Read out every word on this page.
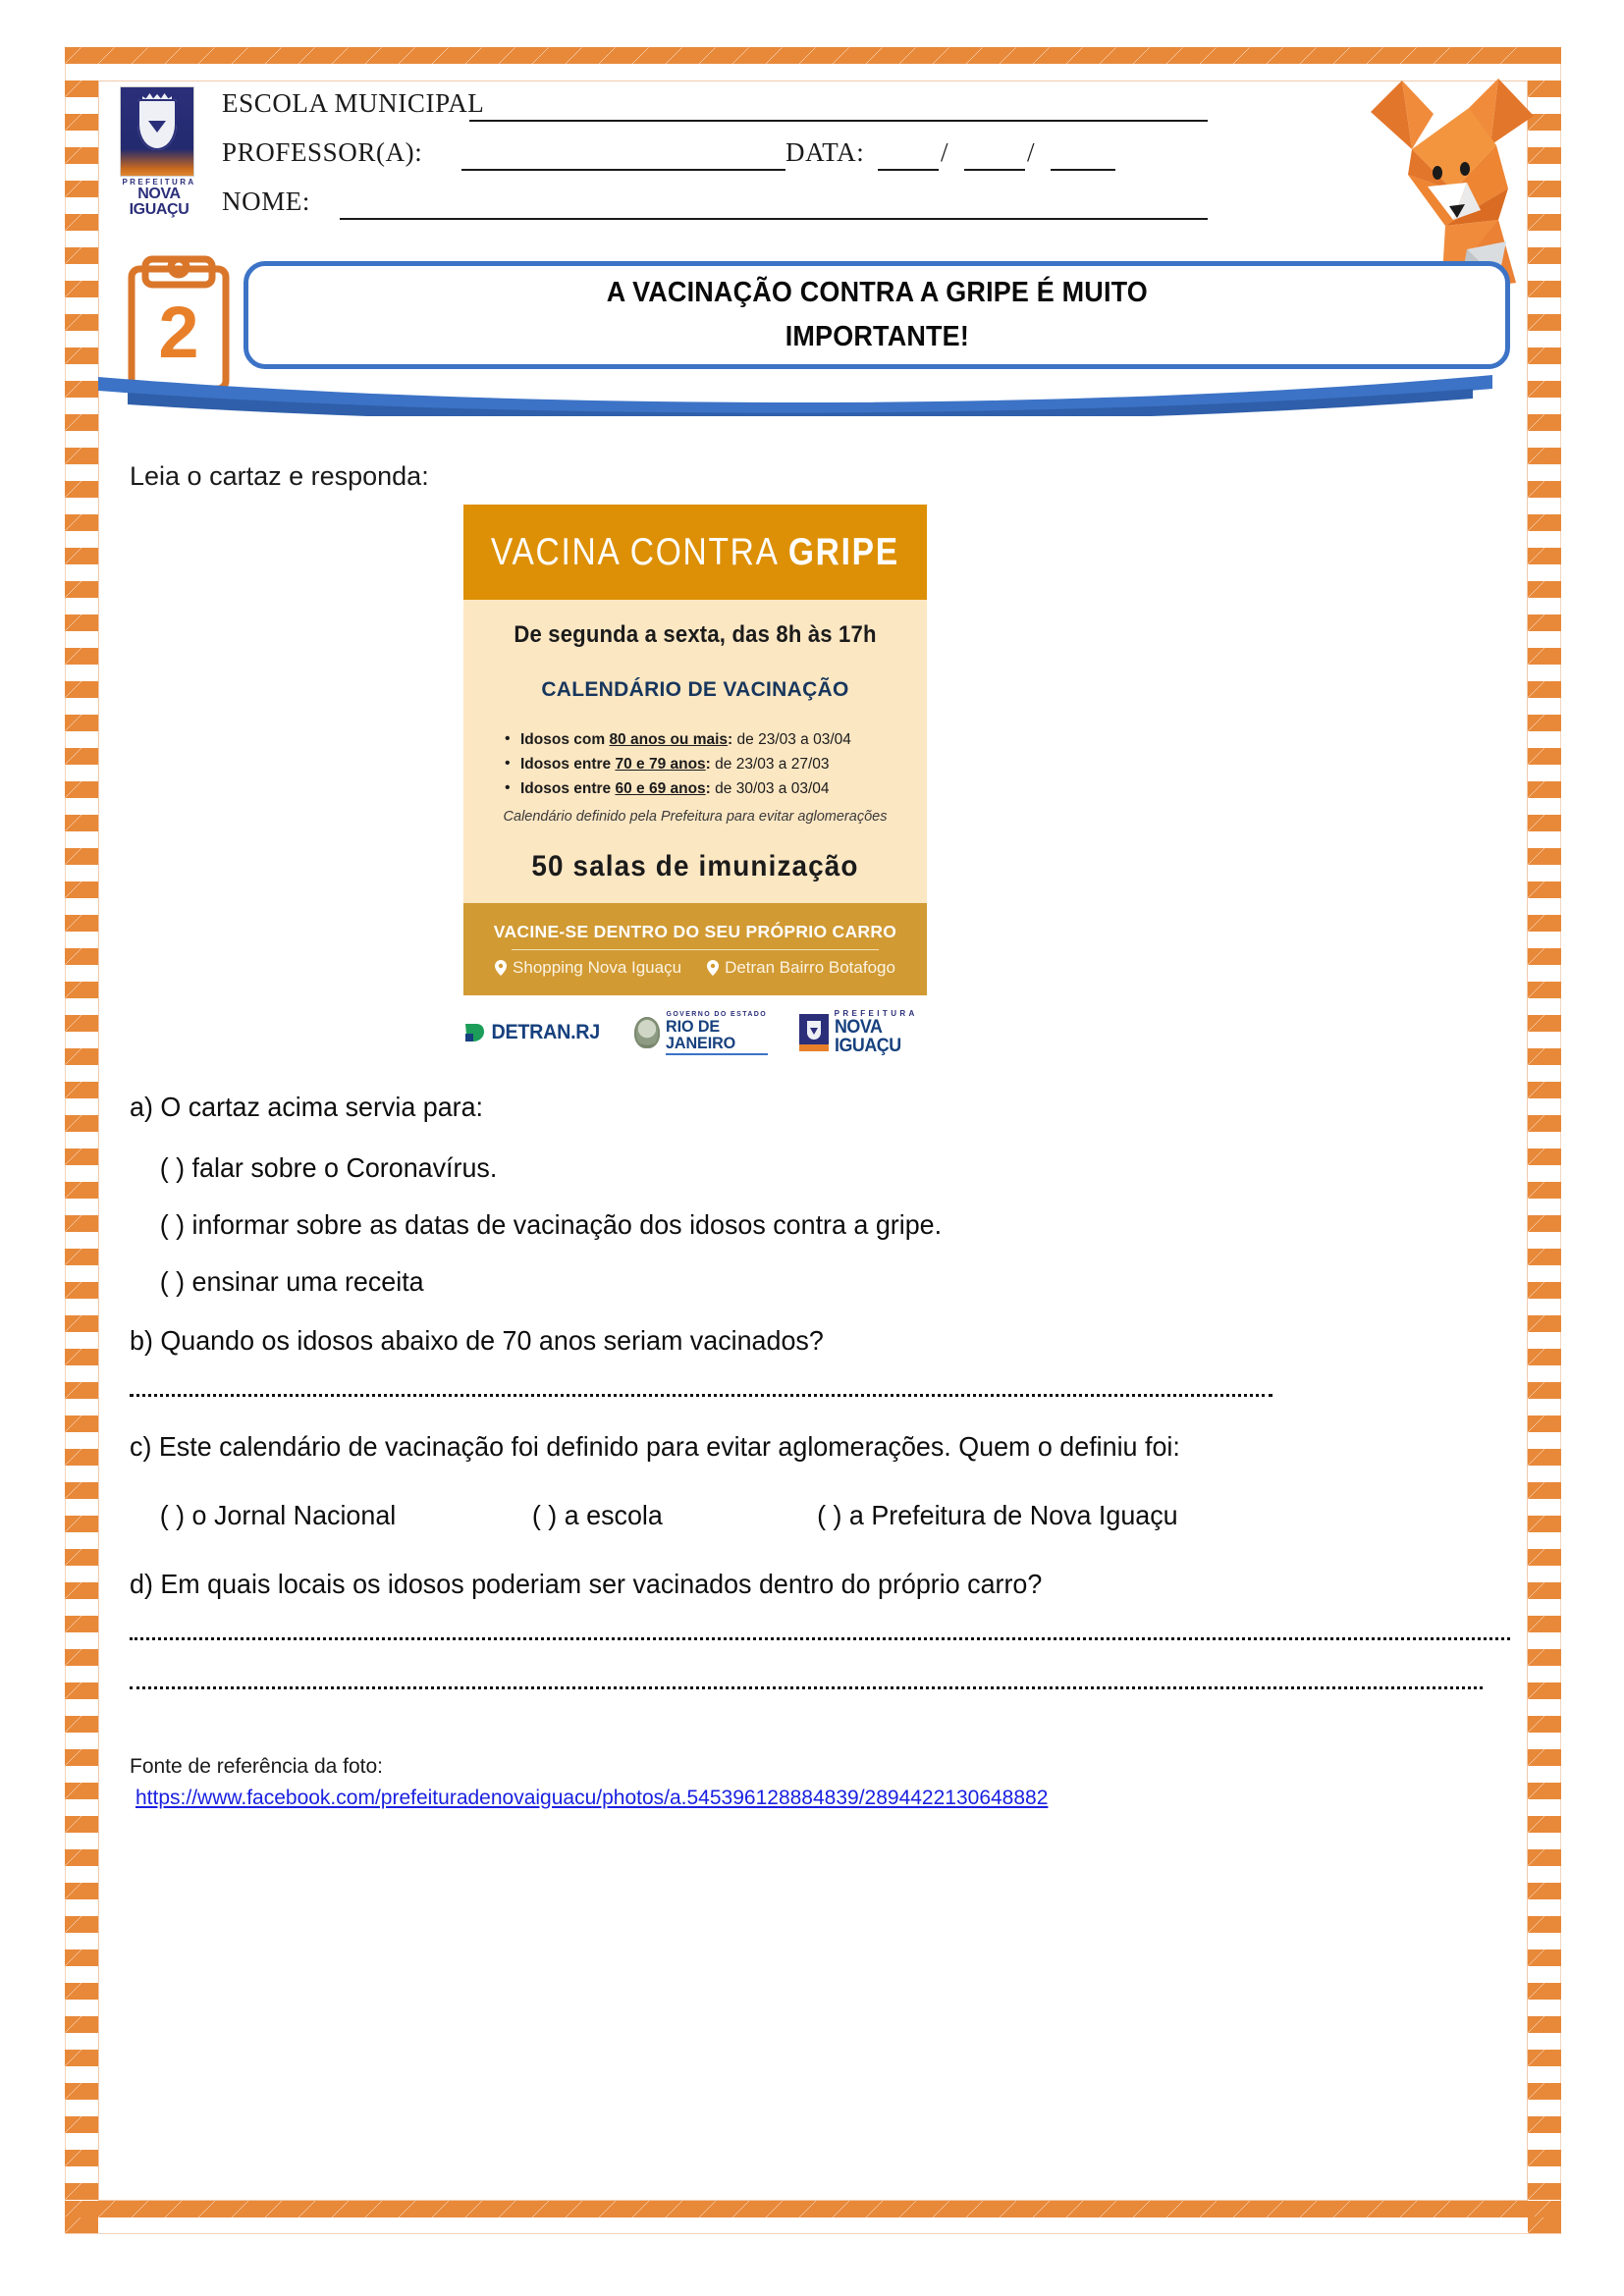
PREFEITURA
NOVA IGUAÇU
ESCOLA MUNICIPAL
PROFESSOR(A):	DATA:	/	/
NOME:
2	A VACINAÇÃO CONTRA A GRIPE É MUITO
IMPORTANTE!
Leia o cartaz e responda:
VACINA CONTRA GRIPE
De segunda a sexta, das 8h às 17h
CALENDÁRIO DE VACINAÇÃO
• Idosos com 80 anos ou mais: de 23/03 a 03/04
• Idosos entre 70 e 79 anos: de 23/03 a 27/03
• Idosos entre 60 e 69 anos: de 30/03 a 03/04
Calendário definido pela Prefeitura para evitar aglomerações
50 salas de imunização
VACINE-SE DENTRO DO SEU PRÓPRIO CARRO
Shopping Nova Iguaçu	Detran Bairro Botafogo
DETRAN.RJ
GOVERNO DO ESTADO
RIO DE JANEIRO
PREFEITURA
NOVA IGUAÇU
a) O cartaz acima servia para:
( ) falar sobre o Coronavírus.
( ) informar sobre as datas de vacinação dos idosos contra a gripe.
( ) ensinar uma receita
b) Quando os idosos abaixo de 70 anos seriam vacinados?
c) Este calendário de vacinação foi definido para evitar aglomerações. Quem o definiu foi:
( ) o Jornal Nacional	( ) a escola	( ) a Prefeitura de Nova Iguaçu
d) Em quais locais os idosos poderiam ser vacinados dentro do próprio carro?
Fonte de referência da foto:
https://www.facebook.com/prefeituradenovaiguacu/photos/a.545396128884839/2894422130648882
